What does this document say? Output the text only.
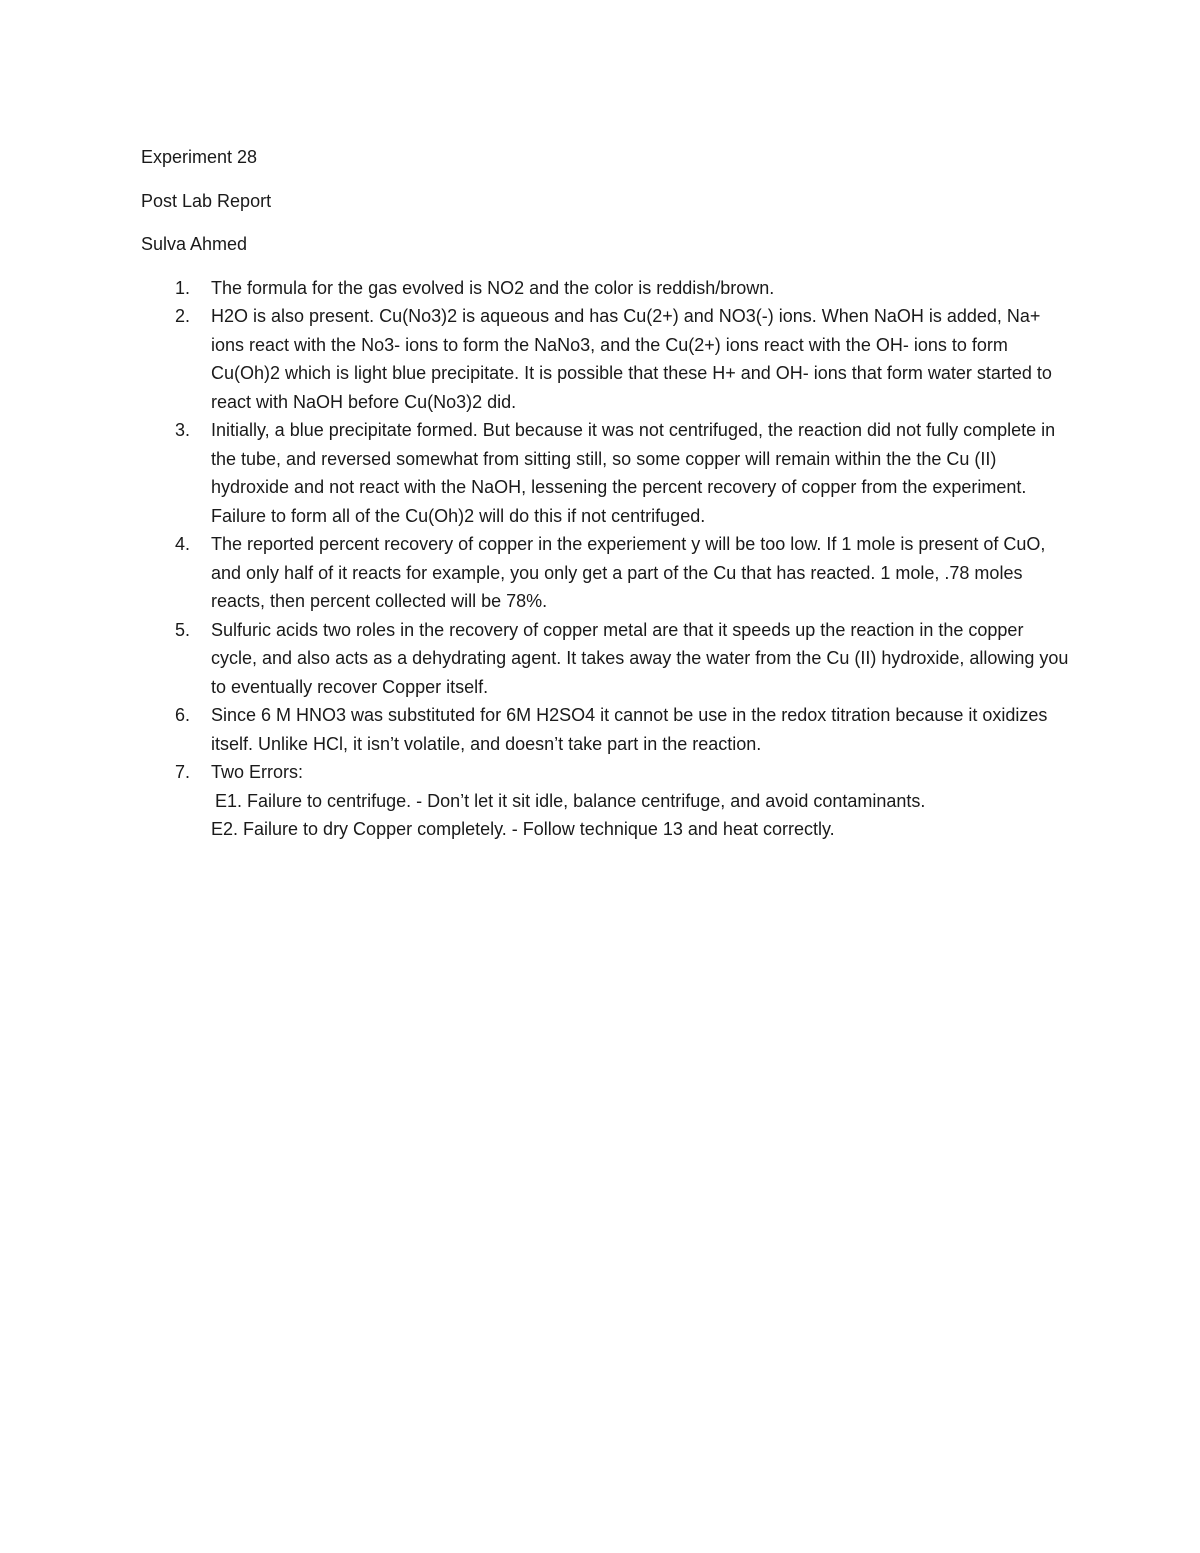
Experiment 28

Post Lab Report

Sulva Ahmed

1. The formula for the gas evolved is NO2 and the color is reddish/brown.
2. H2O is also present. Cu(No3)2 is aqueous and has Cu(2+) and NO3(-) ions. When NaOH is added, Na+ ions react with the No3- ions to form the NaNo3, and the Cu(2+) ions react with the OH- ions to form Cu(Oh)2 which is light blue precipitate. It is possible that these H+ and OH- ions that form water started to react with NaOH before Cu(No3)2 did.
3. Initially, a blue precipitate formed. But because it was not centrifuged, the reaction did not fully complete in the tube, and reversed somewhat from sitting still, so some copper will remain within the the Cu (II) hydroxide and not react with the NaOH, lessening the percent recovery of copper from the experiment. Failure to form all of the Cu(Oh)2 will do this if not centrifuged.
4. The reported percent recovery of copper in the experiement y will be too low. If 1 mole is present of CuO, and only half of it reacts for example, you only get a part of the Cu that has reacted. 1 mole, .78 moles reacts, then percent collected will be 78%.
5. Sulfuric acids two roles in the recovery of copper metal are that it speeds up the reaction in the copper cycle, and also acts as a dehydrating agent. It takes away the water from the Cu (II) hydroxide, allowing you to eventually recover Copper itself.
6. Since 6 M HNO3 was substituted for 6M H2SO4 it cannot be use in the redox titration because it oxidizes itself. Unlike HCl, it isn’t volatile, and doesn’t take part in the reaction.
7. Two Errors:
E1. Failure to centrifuge. - Don’t let it sit idle, balance centrifuge, and avoid contaminants.
E2. Failure to dry Copper completely. - Follow technique 13 and heat correctly.
